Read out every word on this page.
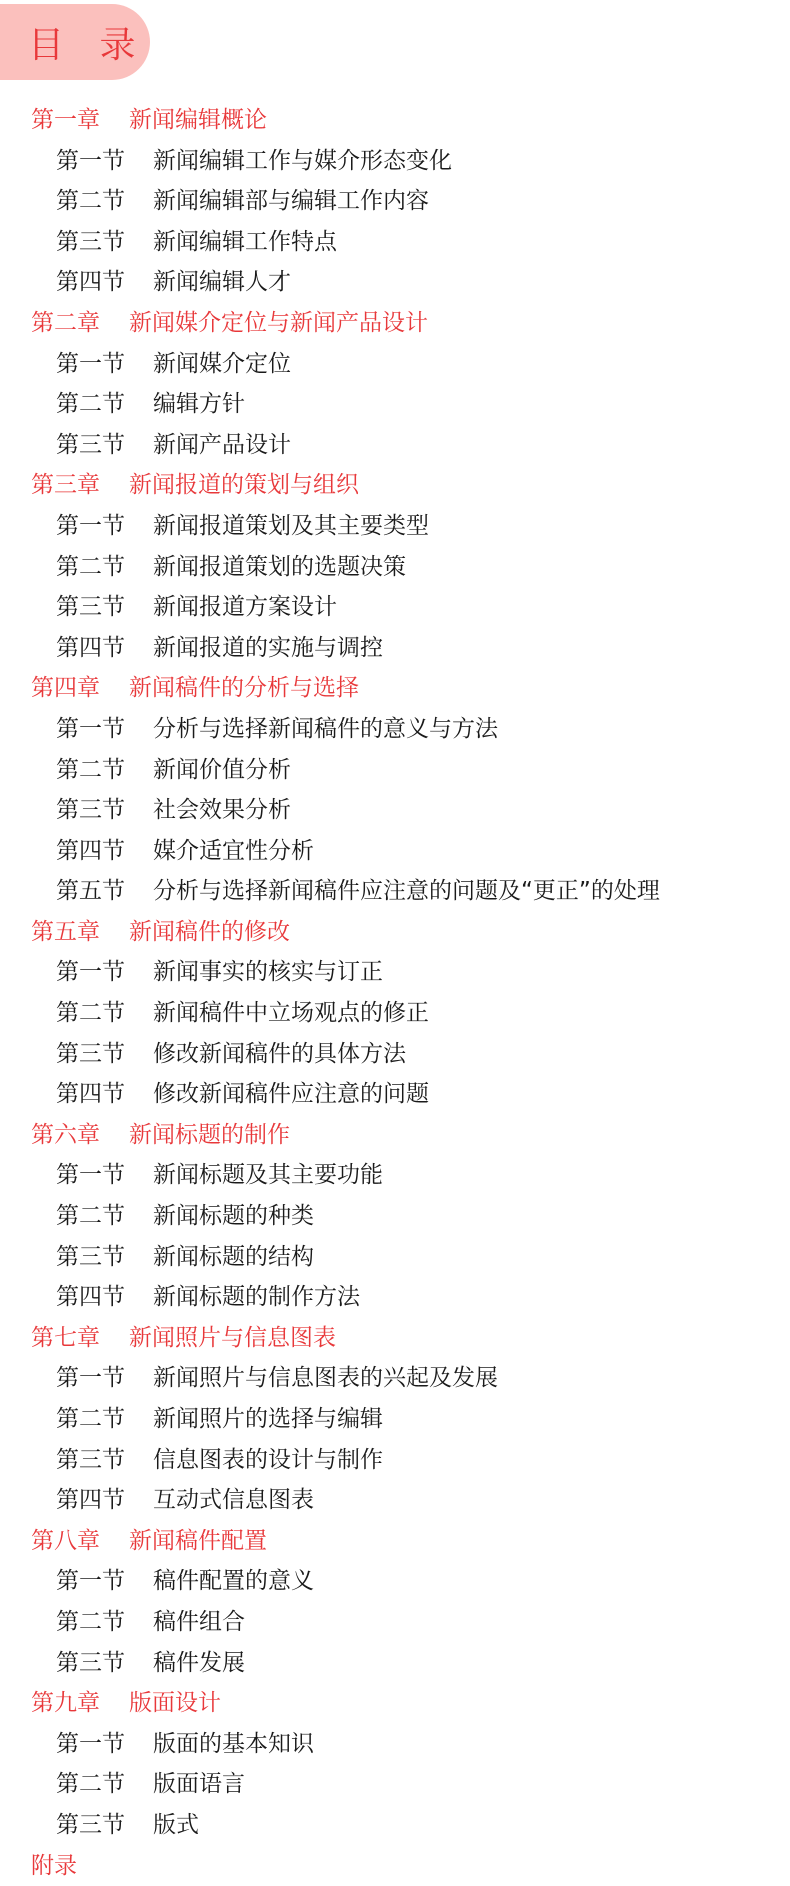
目 录
第一章	新闻编辑概论
第一节	新闻编辑工作与媒介形态变化
第二节	新闻编辑部与编辑工作内容
第三节	新闻编辑工作特点
第四节	新闻编辑人才
第二章	新闻媒介定位与新闻产品设计
第一节	新闻媒介定位
第二节	编辑方针
第三节	新闻产品设计
第三章	新闻报道的策划与组织
第一节	新闻报道策划及其主要类型
第二节	新闻报道策划的选题决策
第三节	新闻报道方案设计
第四节	新闻报道的实施与调控
第四章	新闻稿件的分析与选择
第一节	分析与选择新闻稿件的意义与方法
第二节	新闻价值分析
第三节	社会效果分析
第四节	媒介适宜性分析
第五节	分析与选择新闻稿件应注意的问题及“更正”的处理
第五章	新闻稿件的修改
第一节	新闻事实的核实与订正
第二节	新闻稿件中立场观点的修正
第三节	修改新闻稿件的具体方法
第四节	修改新闻稿件应注意的问题
第六章	新闻标题的制作
第一节	新闻标题及其主要功能
第二节	新闻标题的种类
第三节	新闻标题的结构
第四节	新闻标题的制作方法
第七章	新闻照片与信息图表
第一节	新闻照片与信息图表的兴起及发展
第二节	新闻照片的选择与编辑
第三节	信息图表的设计与制作
第四节	互动式信息图表
第八章	新闻稿件配置
第一节	稿件配置的意义
第二节	稿件组合
第三节	稿件发展
第九章	版面设计
第一节	版面的基本知识
第二节	版面语言
第三节	版式
附录
